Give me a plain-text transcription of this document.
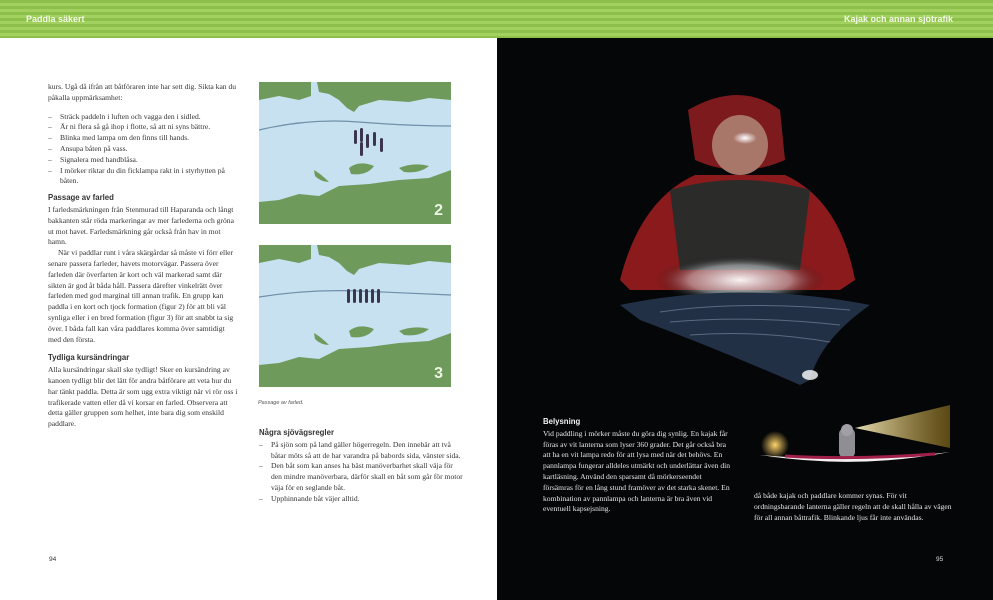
Paddla säkert	Kajak och annan sjötrafik

kurs. Ugå då ifrån att båtföraren inte har sett dig. Sikta kan du påkalla uppmärksamhet:

– Sträck paddeln i luften och vagga den i sidled.
– Är ni flera så gå ihop i flotte, så att ni syns bättre.
– Blinka med lampa om den finns till hands.
– Ansupa båten på vass.
– Signalera med handblåsa.
– I mörker riktar du din ficklampa rakt in i styrhytten på båten.
Passage av farled

I farledsmärkningen från Stenmurad till Haparanda och långt bakkanten står röda markeringar av mer farlederna och gröna ut mot havet. Farledsmärkning går också från hav in mot hamn.

När vi paddlar runt i våra skärgårdar så måste vi förr eller senare passera farleder, havets motorvägar. Passera över farleden där överfarten är kort och väl markerad samt där sikten är god åt båda håll. Passera därefter vinkelrätt över farleden med god marginal till annan trafik. En grupp kan paddla i en kort och tjock formation (figur 2) för att bli väl synliga eller i en bred formation (figur 3) för att snabbt ta sig över. I båda fall kan våra paddlares komma över samtidigt med den första.

Tydliga kursändringar

Alla kursändringar skall ske tydligt! Sker en kursändring av kanoen tydligt blir det lätt för andra båtförare att veta hur du har tänkt paddla. Detta är som ugg extra viktigt när vi rör oss i trafikerade vatten eller då vi korsar en farled. Observera att detta gäller gruppen som helhet, inte bara dig som enskild paddlare.

2
3
Passage av farled.
Några sjövägsregler
– På sjön som på land gäller högerregeln. Den innebär att två båtar möts så att de har varandra på babords sida, vänster sida.
– Den båt som kan anses ha bäst manöverbarhet skall väja för den mindre manöverbara, därför skall en båt som går för motor väja för en seglande båt.
– Upphinnande båt väjer alltid.
94
Belysning

Vid paddling i mörker måste du göra dig synlig. En kajak får föras av vit lanterna som lyser 360 grader. Det går också bra att ha en vit lampa redo för att lysa med när det behövs. En pannlampa fungerar alldeles utmärkt och underlättar även din kartläsning. Använd den sparsamt då mörkerseendet försämras för en lång stund framöver av det starka skenet. En kombination av pannlampa och lanterna är bra även vid eventuell kapsejsning.

då både kajak och paddlare kommer synas. För vit ordningsbarande lanterna gäller regeln att de skall hålla av vägen för all annan båttrafik. Blinkande ljus får inte användas.

95
